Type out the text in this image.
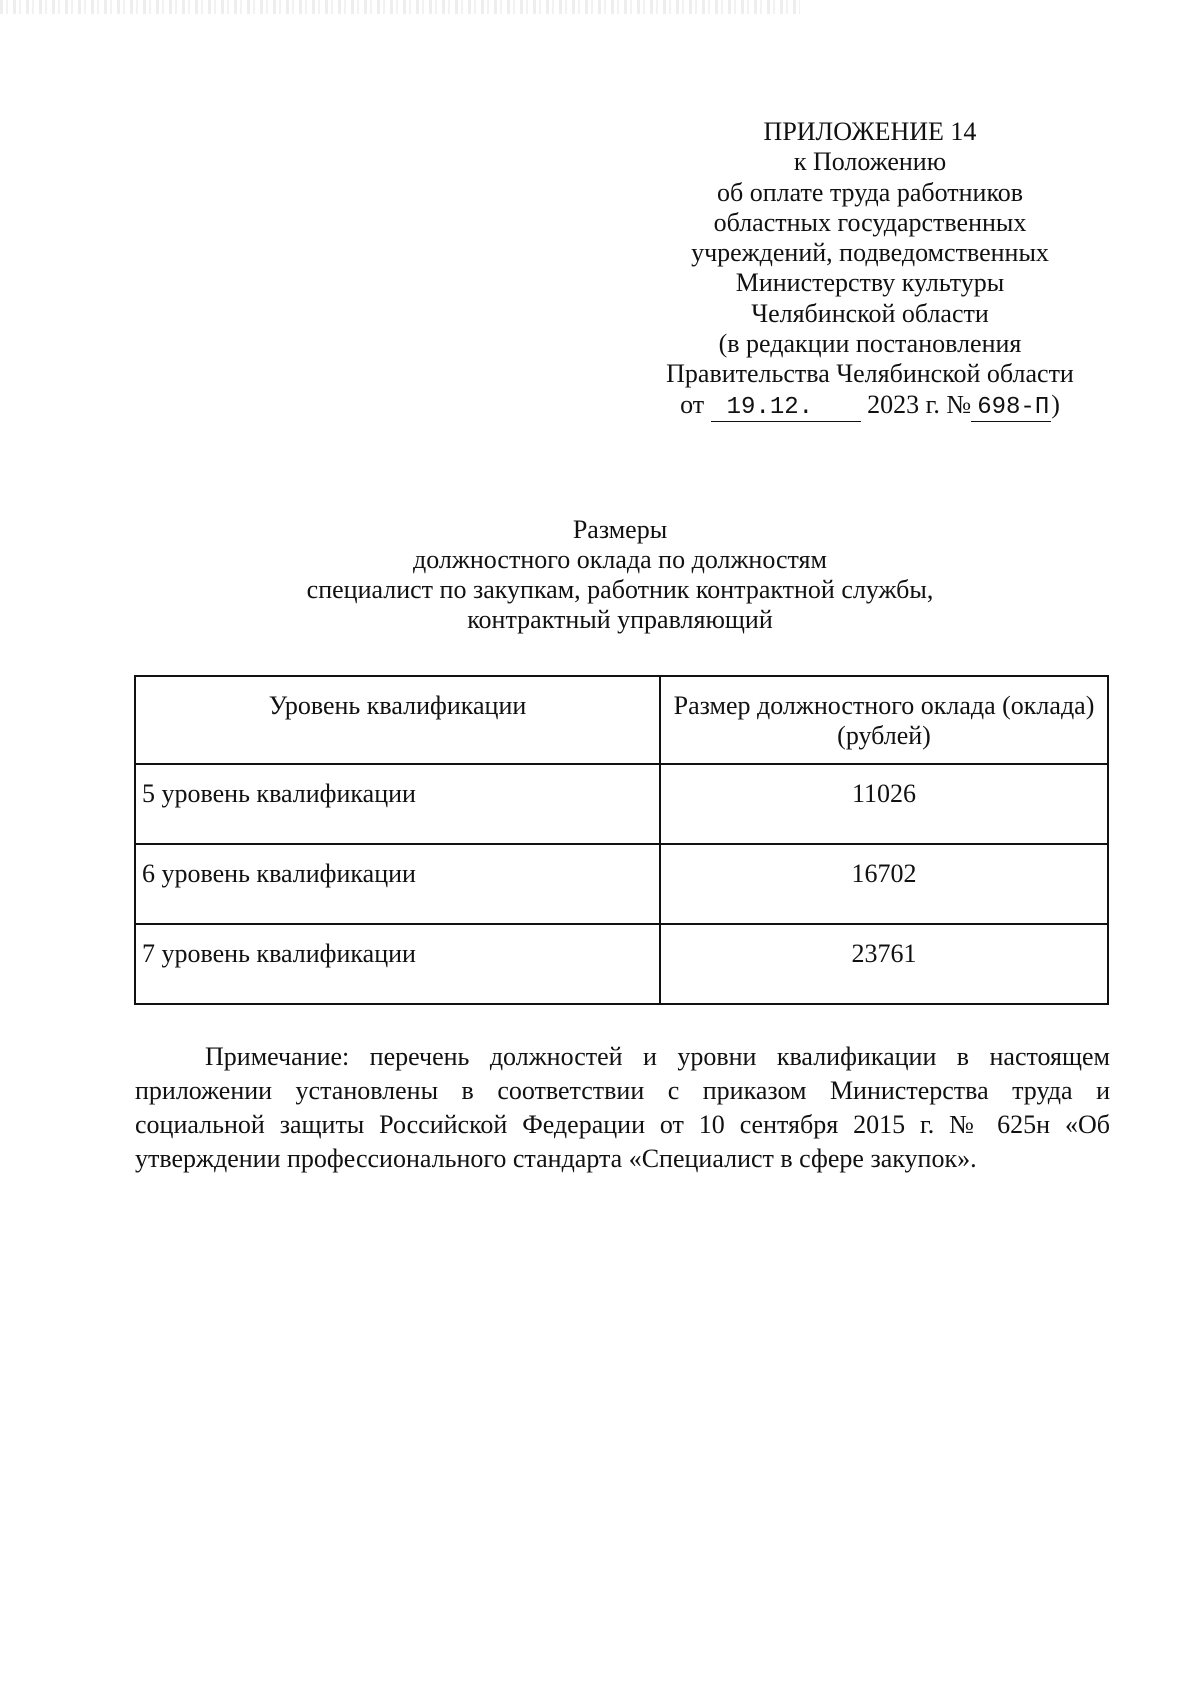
ПРИЛОЖЕНИЕ 14
к Положению
об оплате труда работников
областных государственных
учреждений, подведомственных
Министерству культуры
Челябинской области
(в редакции постановления
Правительства Челябинской области
от 19.12. 2023 г. № 698-П)
Размеры
должностного оклада по должностям
специалист по закупкам, работник контрактной службы,
контрактный управляющий
Уровень квалификации	Размер должностного оклада (оклада) (рублей)
5 уровень квалификации	11026
6 уровень квалификации	16702
7 уровень квалификации	23761

Примечание: перечень должностей и уровни квалификации в настоящем приложении установлены в соответствии с приказом Министерства труда и социальной защиты Российской Федерации от 10 сентября 2015 г. № 625н «Об утверждении профессионального стандарта «Специалист в сфере закупок».
